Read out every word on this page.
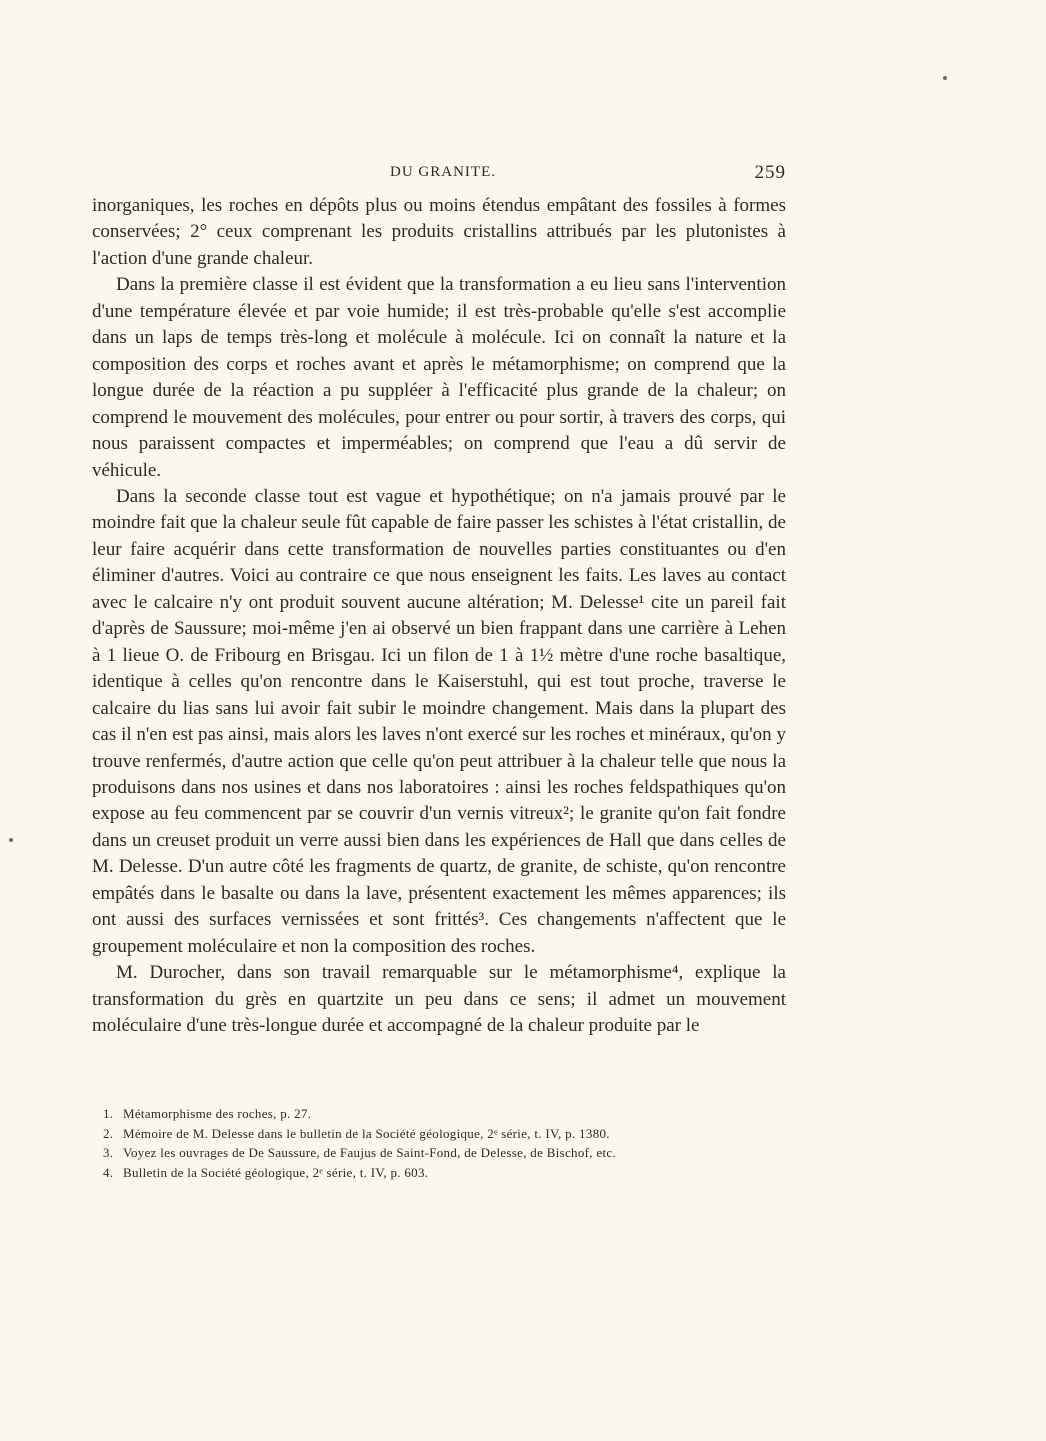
DU GRANITE.	259

inorganiques, les roches en dépôts plus ou moins étendus empâtant des fossiles à formes conservées; 2° ceux comprenant les produits cristallins attribués par les plutonistes à l'action d'une grande chaleur.

Dans la première classe il est évident que la transformation a eu lieu sans l'intervention d'une température élevée et par voie humide; il est très-probable qu'elle s'est accomplie dans un laps de temps très-long et molécule à molécule. Ici on connaît la nature et la composition des corps et roches avant et après le métamorphisme; on comprend que la longue durée de la réaction a pu suppléer à l'efficacité plus grande de la chaleur; on comprend le mouvement des molécules, pour entrer ou pour sortir, à travers des corps, qui nous paraissent compactes et imperméables; on comprend que l'eau a dû servir de véhicule.

Dans la seconde classe tout est vague et hypothétique; on n'a jamais prouvé par le moindre fait que la chaleur seule fût capable de faire passer les schistes à l'état cristallin, de leur faire acquérir dans cette transformation de nouvelles parties constituantes ou d'en éliminer d'autres. Voici au contraire ce que nous enseignent les faits. Les laves au contact avec le calcaire n'y ont produit souvent aucune altération; M. Delesse¹ cite un pareil fait d'après de Saussure; moi-même j'en ai observé un bien frappant dans une carrière à Lehen à 1 lieue O. de Fribourg en Brisgau. Ici un filon de 1 à 1½ mètre d'une roche basaltique, identique à celles qu'on rencontre dans le Kaiserstuhl, qui est tout proche, traverse le calcaire du lias sans lui avoir fait subir le moindre changement. Mais dans la plupart des cas il n'en est pas ainsi, mais alors les laves n'ont exercé sur les roches et minéraux, qu'on y trouve renfermés, d'autre action que celle qu'on peut attribuer à la chaleur telle que nous la produisons dans nos usines et dans nos laboratoires : ainsi les roches feldspathiques qu'on expose au feu commencent par se couvrir d'un vernis vitreux²; le granite qu'on fait fondre dans un creuset produit un verre aussi bien dans les expériences de Hall que dans celles de M. Delesse. D'un autre côté les fragments de quartz, de granite, de schiste, qu'on rencontre empâtés dans le basalte ou dans la lave, présentent exactement les mêmes apparences; ils ont aussi des surfaces vernissées et sont frittés³. Ces changements n'affectent que le groupement moléculaire et non la composition des roches.

M. Durocher, dans son travail remarquable sur le métamorphisme⁴, explique la transformation du grès en quartzite un peu dans ce sens; il admet un mouvement moléculaire d'une très-longue durée et accompagné de la chaleur produite par le

1. Métamorphisme des roches, p. 27.

2. Mémoire de M. Delesse dans le bulletin de la Société géologique, 2ᵉ série, t. IV, p. 1380.

3. Voyez les ouvrages de De Saussure, de Faujus de Saint-Fond, de Delesse, de Bischof, etc.

4. Bulletin de la Société géologique, 2ᵉ série, t. IV, p. 603.
